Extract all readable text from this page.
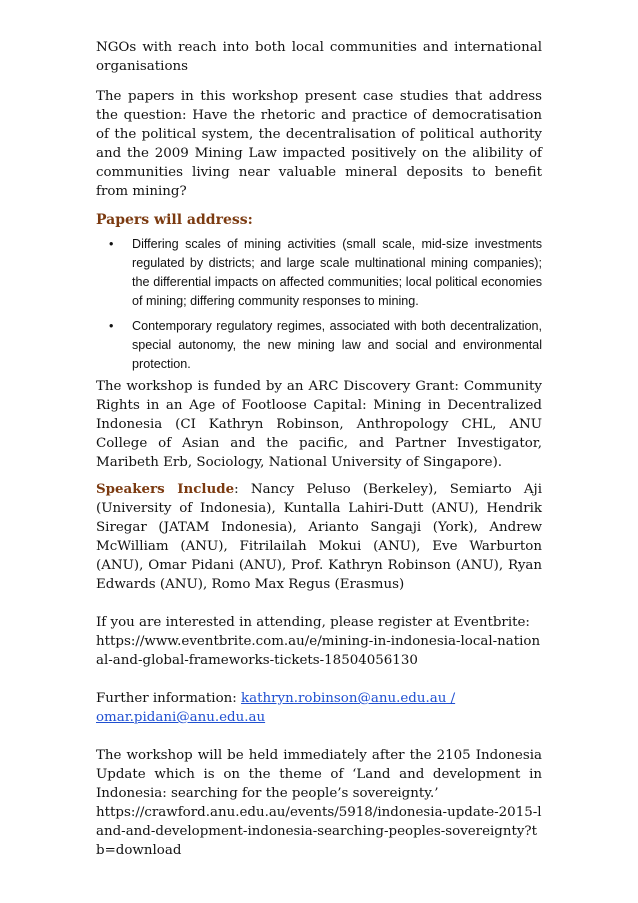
NGOs with reach into both local communities and international organisations

The papers in this workshop present case studies that address the question: Have the rhetoric and practice of democratisation of the political system, the decentralisation of political authority and the 2009 Mining Law impacted positively on the alibility of communities living near valuable mineral deposits to benefit from mining?

Papers will address:
• Differing scales of mining activities (small scale, mid-size investments regulated by districts; and large scale multinational mining companies); the differential impacts on affected communities; local political economies of mining; differing community responses to mining.
• Contemporary regulatory regimes, associated with both decentralization, special autonomy, the new mining law and social and environmental protection.

The workshop is funded by an ARC Discovery Grant: Community Rights in an Age of Footloose Capital: Mining in Decentralized Indonesia (CI Kathryn Robinson, Anthropology CHL, ANU College of Asian and the pacific, and Partner Investigator, Maribeth Erb, Sociology, National University of Singapore).

Speakers Include: Nancy Peluso (Berkeley), Semiarto Aji (University of Indonesia), Kuntalla Lahiri-Dutt (ANU), Hendrik Siregar (JATAM Indonesia), Arianto Sangaji (York), Andrew McWilliam (ANU), Fitrilailah Mokui (ANU), Eve Warburton (ANU), Omar Pidani (ANU), Prof. Kathryn Robinson (ANU), Ryan Edwards (ANU), Romo Max Regus (Erasmus)

If you are interested in attending, please register at Eventbrite:
https://www.eventbrite.com.au/e/mining-in-indonesia-local-national-and-global-frameworks-tickets-18504056130

Further information: kathryn.robinson@anu.edu.au /
omar.pidani@anu.edu.au

The workshop will be held immediately after the 2105 Indonesia Update which is on the theme of ‘Land and development in Indonesia: searching for the people’s sovereignty.’
https://crawford.anu.edu.au/events/5918/indonesia-update-2015-land-and-development-indonesia-searching-peoples-sovereignty?tb=download
